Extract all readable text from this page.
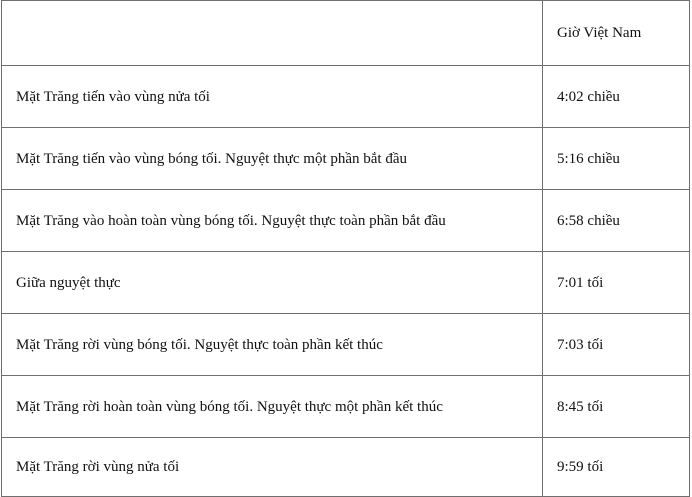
	Giờ Việt Nam
Mặt Trăng tiến vào vùng nửa tối	4:02 chiều
Mặt Trăng tiến vào vùng bóng tối. Nguyệt thực một phần bắt đầu	5:16 chiều
Mặt Trăng vào hoàn toàn vùng bóng tối. Nguyệt thực toàn phần bắt đầu	6:58 chiều
Giữa nguyệt thực	7:01 tối
Mặt Trăng rời vùng bóng tối. Nguyệt thực toàn phần kết thúc	7:03 tối
Mặt Trăng rời hoàn toàn vùng bóng tối. Nguyệt thực một phần kết thúc	8:45 tối
Mặt Trăng rời vùng nửa tối	9:59 tối
